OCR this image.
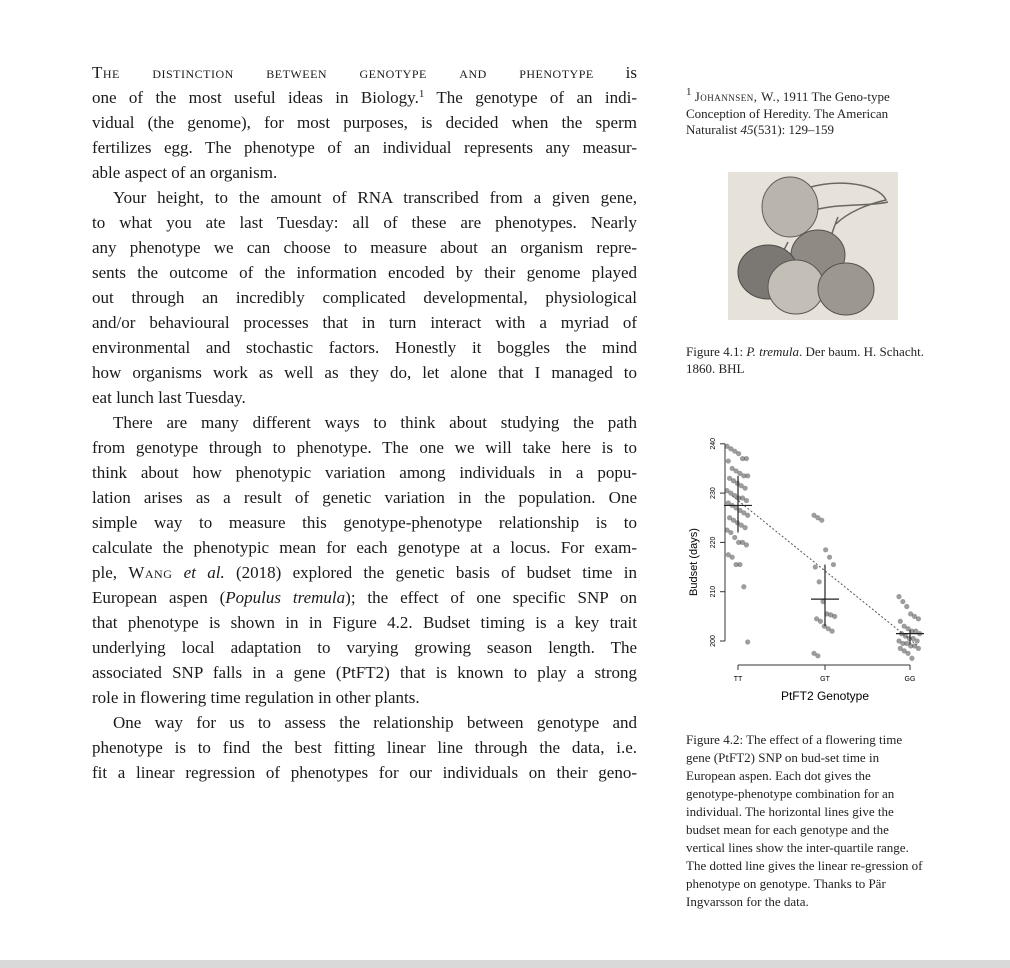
The distinction between genotype and phenotype is
one of the most useful ideas in Biology.$^1$ The genotype of an indi-
vidual (the genome), for most purposes, is decided when the sperm
fertilizes egg. The phenotype of an individual represents any measur-
able aspect of an organism.
Your height, to the amount of RNA transcribed from a given gene,
to what you ate last Tuesday: all of these are phenotypes. Nearly
any phenotype we can choose to measure about an organism repre-
sents the outcome of the information encoded by their genome played
out through an incredibly complicated developmental, physiological
and/or behavioural processes that in turn interact with a myriad of
environmental and stochastic factors. Honestly it boggles the mind
how organisms work as well as they do, let alone that I managed to
eat lunch last Tuesday.
There are many different ways to think about studying the path
from genotype through to phenotype. The one we will take here is to
think about how phenotypic variation among individuals in a popu-
lation arises as a result of genetic variation in the population. One
simple way to measure this genotype-phenotype relationship is to
calculate the phenotypic mean for each genotype at a locus. For exam-
ple, Wang et al. (2018) explored the genetic basis of budset time in
European aspen (Populus tremula); the effect of one specific SNP on
that phenotype is shown in in Figure 4.2. Budset timing is a key trait
underlying local adaptation to varying growing season length. The
associated SNP falls in a gene (PtFT2) that is known to play a strong
role in flowering time regulation in other plants.
One way for us to assess the relationship between genotype and
phenotype is to find the best fitting linear line through the data, i.e.
fit a linear regression of phenotypes for our individuals on their geno-
$^1$ Johannsen, W., 1911 The Geno-type Conception of Heredity. The American Naturalist 45(531): 129–159
Figure 4.1: P. tremula. Der baum. H. Schacht. 1860. BHL
200
210
220
230
240
TT	GT	GG
Budset (days)
PtFT2 Genotype
Figure 4.2: The effect of a flowering time gene (PtFT2) SNP on bud-set time in European aspen. Each dot gives the genotype-phenotype combination for an individual. The horizontal lines give the budset mean for each genotype and the vertical lines show the inter-quartile range. The dotted line gives the linear re-gression of phenotype on genotype. Thanks to Pär Ingvarsson for the data.
